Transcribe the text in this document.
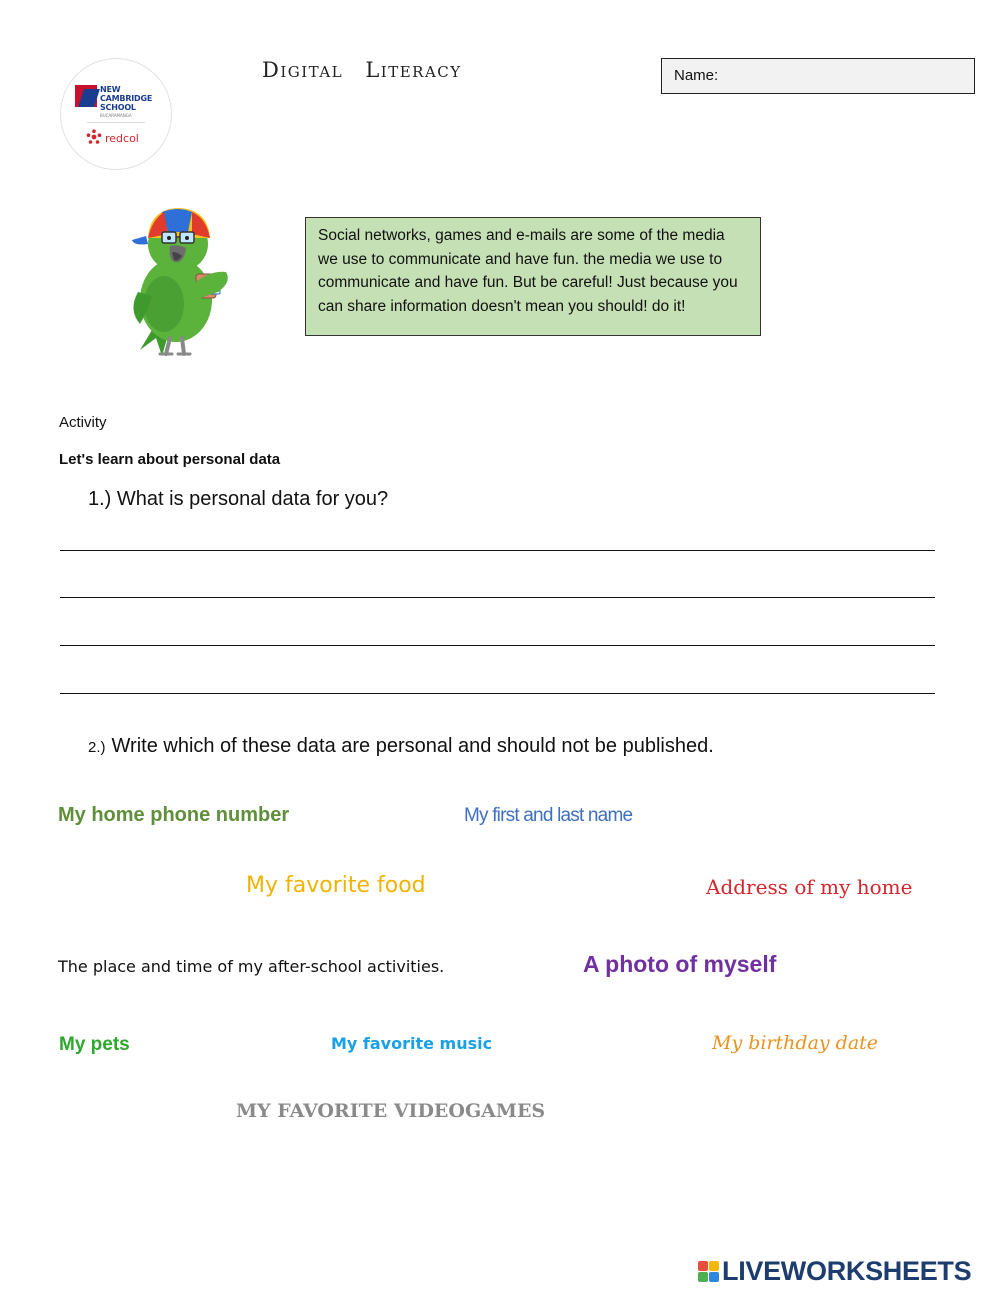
NEW
CAMBRIDGE
SCHOOL
BUCARAMANGA
redcol
Digital Literacy	Name:
Social networks, games and e-mails are some of the media we use to communicate and have fun. the media we use to communicate and have fun. But be careful! Just because you can share information doesn't mean you should! do it!
Activity
Let's learn about personal data
1.) What is personal data for you?
2.) Write which of these data are personal and should not be published.
My home phone number	My first and last name
My favorite food	Address of my home
The place and time of my after-school activities.	A photo of myself
My pets	My favorite music	My birthday date
MY FAVORITE VIDEOGAMES
LIVEWORKSHEETS
